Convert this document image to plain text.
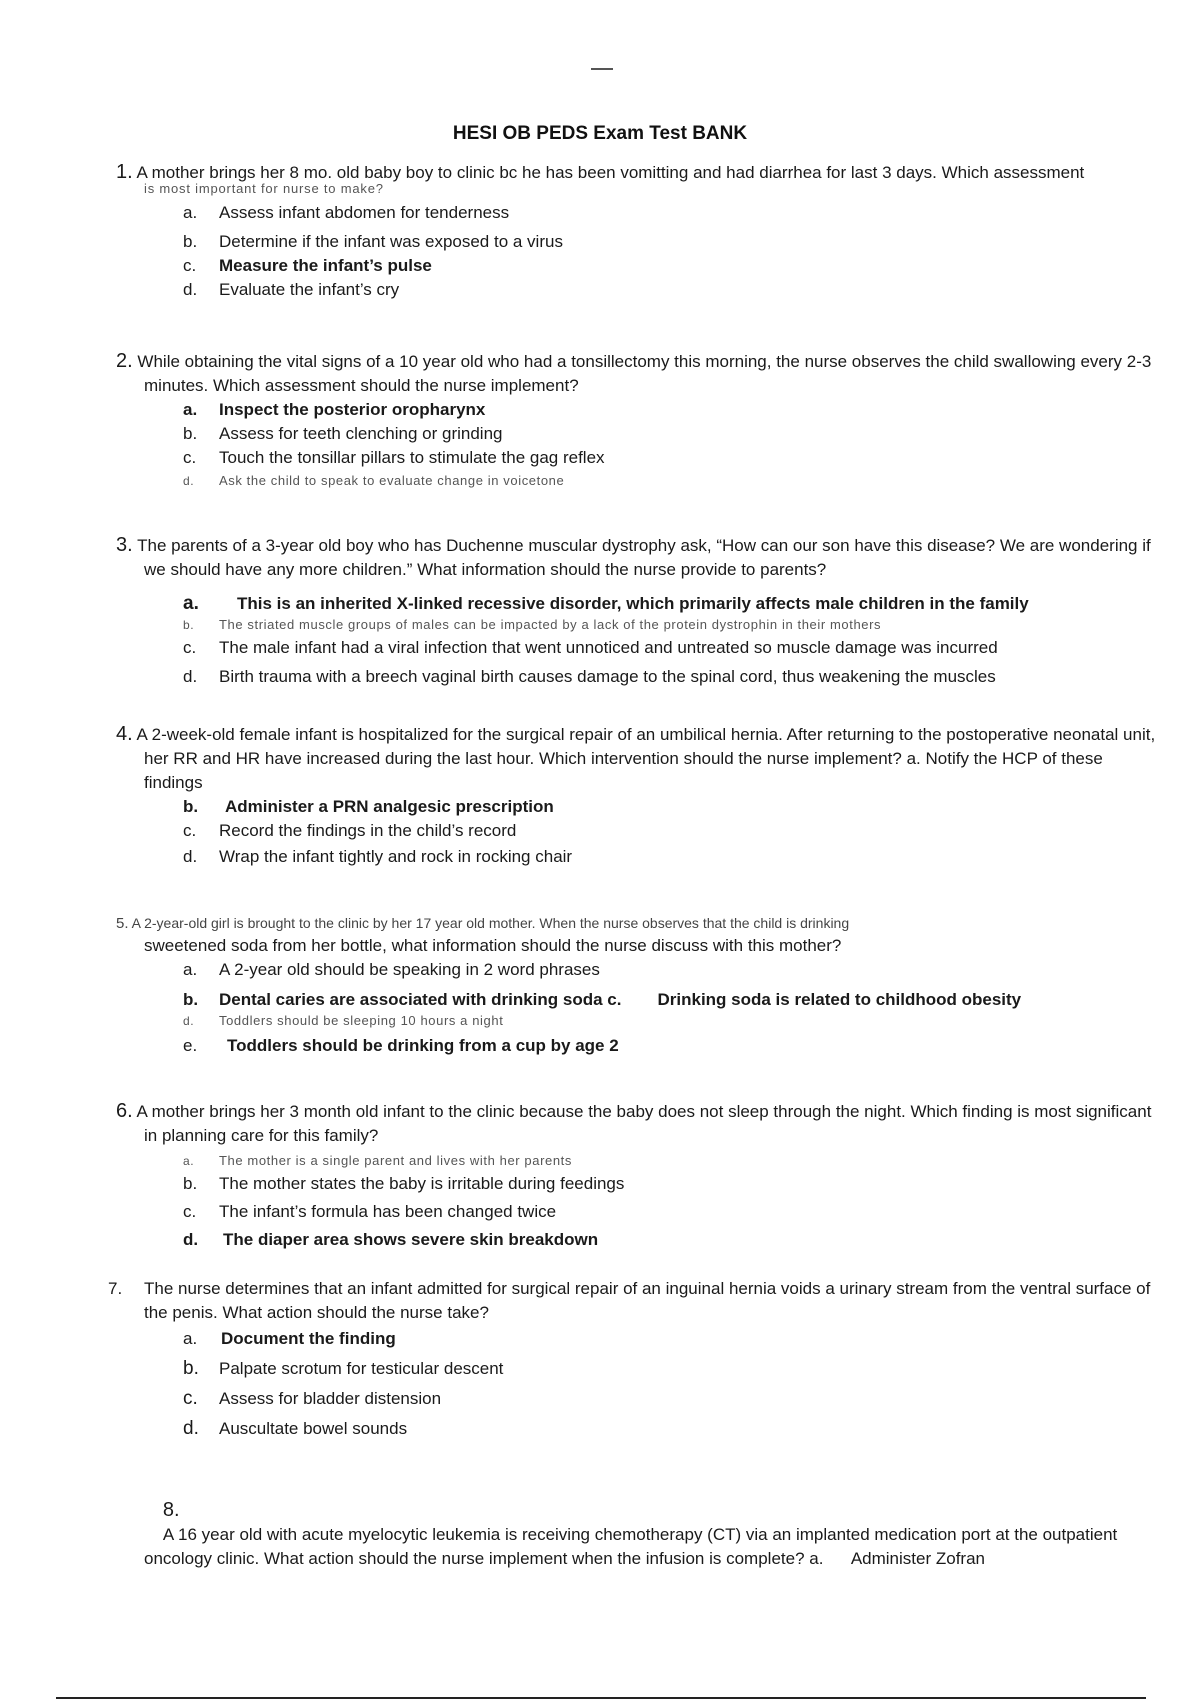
HESI OB PEDS Exam Test BANK
1. A mother brings her 8 mo. old baby boy to clinic bc he has been vomitting and had diarrhea for last 3 days. Which assessment
is most important for nurse to make?
a.	Assess infant abdomen for tenderness
b.	Determine if the infant was exposed to a virus
c.	Measure the infant’s pulse
d.	Evaluate the infant’s cry
2. While obtaining the vital signs of a 10 year old who had a tonsillectomy this morning, the nurse observes the child swallowing every 2-3 minutes. Which assessment should the nurse implement?
a.	Inspect the posterior oropharynx
b.	Assess for teeth clenching or grinding
c.	Touch the tonsillar pillars to stimulate the gag reflex
d.	Ask the child to speak to evaluate change in voicetone
3. The parents of a 3-year old boy who has Duchenne muscular dystrophy ask, “How can our son have this disease? We are wondering if we should have any more children.” What information should the nurse provide to parents?
a.	This is an inherited X-linked recessive disorder, which primarily affects male children in the family
b.	The striated muscle groups of males can be impacted by a lack of the protein dystrophin in their mothers
c.	The male infant had a viral infection that went unnoticed and untreated so muscle damage was incurred
d.	Birth trauma with a breech vaginal birth causes damage to the spinal cord, thus weakening the muscles
4. A 2-week-old female infant is hospitalized for the surgical repair of an umbilical hernia. After returning to the postoperative neonatal unit, her RR and HR have increased during the last hour. Which intervention should the nurse implement? a. Notify the HCP of these findings
b.	Administer a PRN analgesic prescription
c.	Record the findings in the child’s record
d.	Wrap the infant tightly and rock in rocking chair
5. A 2-year-old girl is brought to the clinic by her 17 year old mother. When the nurse observes that the child is drinking
sweetened soda from her bottle, what information should the nurse discuss with this mother?
a.	A 2-year old should be speaking in 2 word phrases
b.	Dental caries are associated with drinking soda c. Drinking soda is related to childhood obesity
d.	Toddlers should be sleeping 10 hours a night
e.	Toddlers should be drinking from a cup by age 2
6. A mother brings her 3 month old infant to the clinic because the baby does not sleep through the night. Which finding is most significant in planning care for this family?
a.	The mother is a single parent and lives with her parents
b.	The mother states the baby is irritable during feedings
c.	The infant’s formula has been changed twice
d.	The diaper area shows severe skin breakdown
7. The nurse determines that an infant admitted for surgical repair of an inguinal hernia voids a urinary stream from the ventral surface of the penis. What action should the nurse take?
a.	Document the finding
b.	Palpate scrotum for testicular descent
c.	Assess for bladder distension
d.	Auscultate bowel sounds

8.
A 16 year old with acute myelocytic leukemia is receiving chemotherapy (CT) via an implanted medication port at the outpatient oncology clinic. What action should the nurse implement when the infusion is complete? a.      Administer Zofran
